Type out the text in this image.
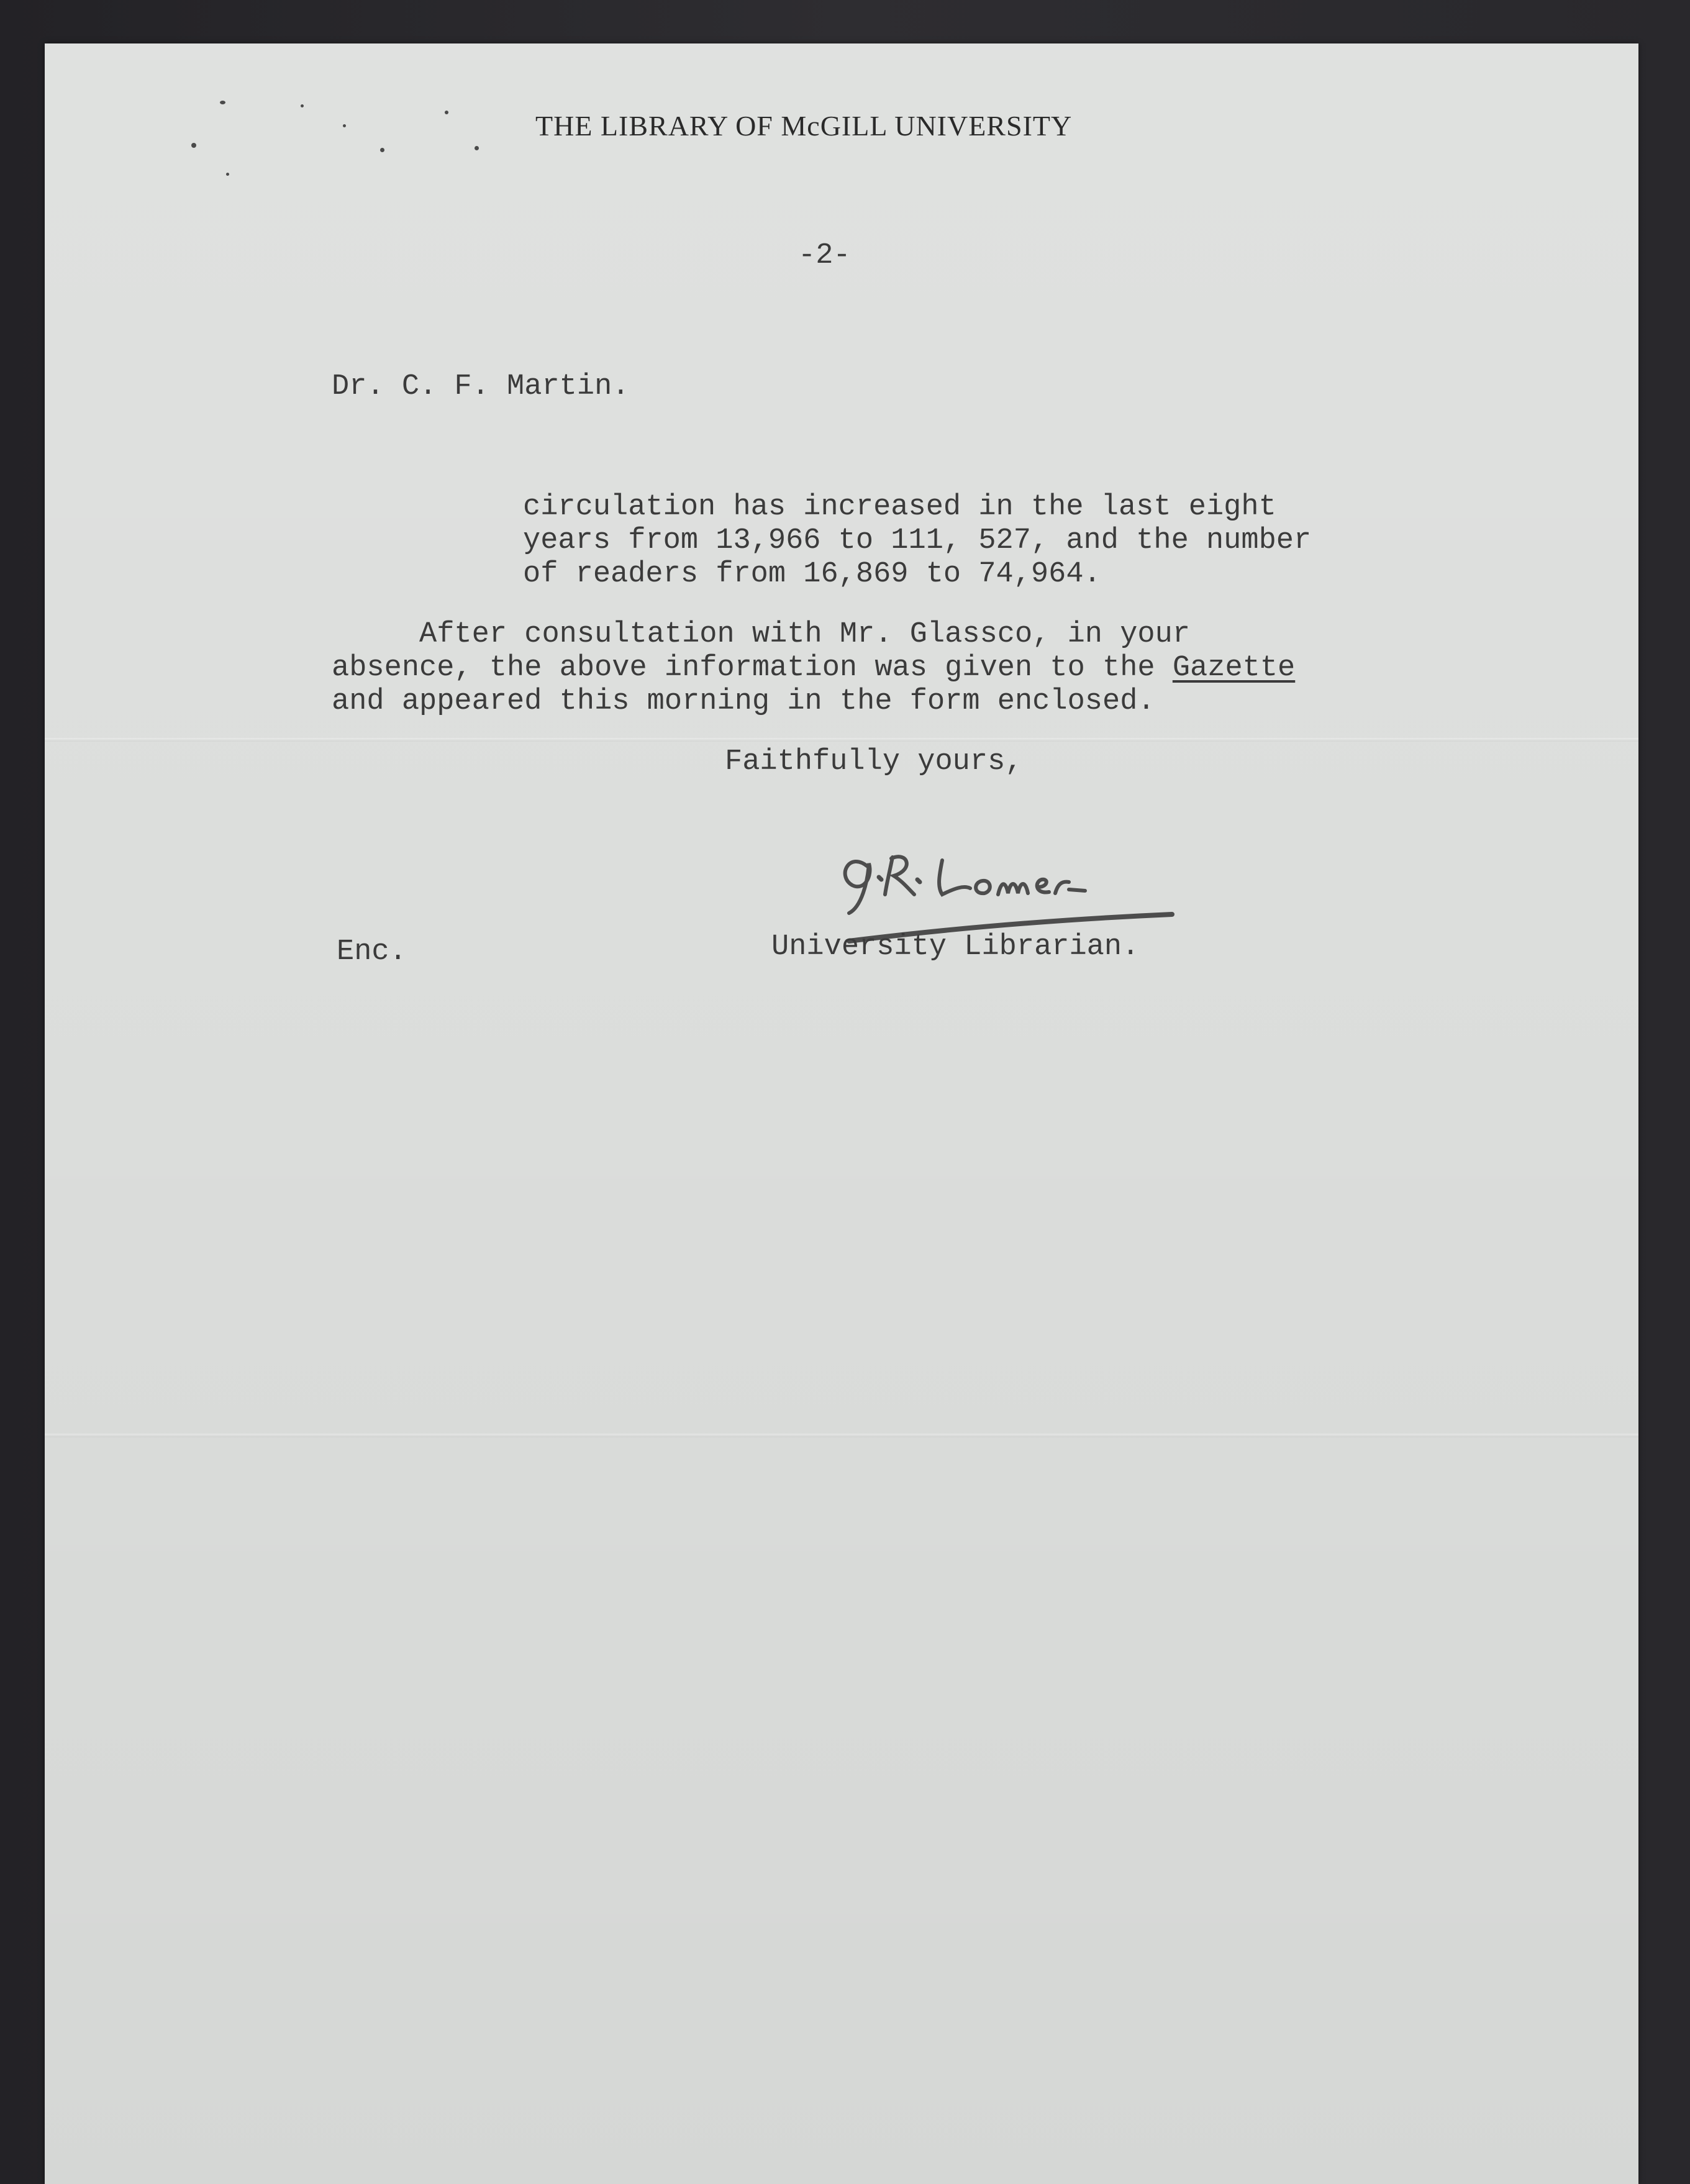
THE LIBRARY OF McGILL UNIVERSITY
-2-
Dr. C. F. Martin.
circulation has increased in the last eight
years from 13,966 to 111, 527, and the number
of readers from 16,869 to 74,964.
After consultation with Mr. Glassco, in your
absence, the above information was given to the Gazette
and appeared this morning in the form enclosed.
Faithfully yours,
Enc.	University Librarian.
